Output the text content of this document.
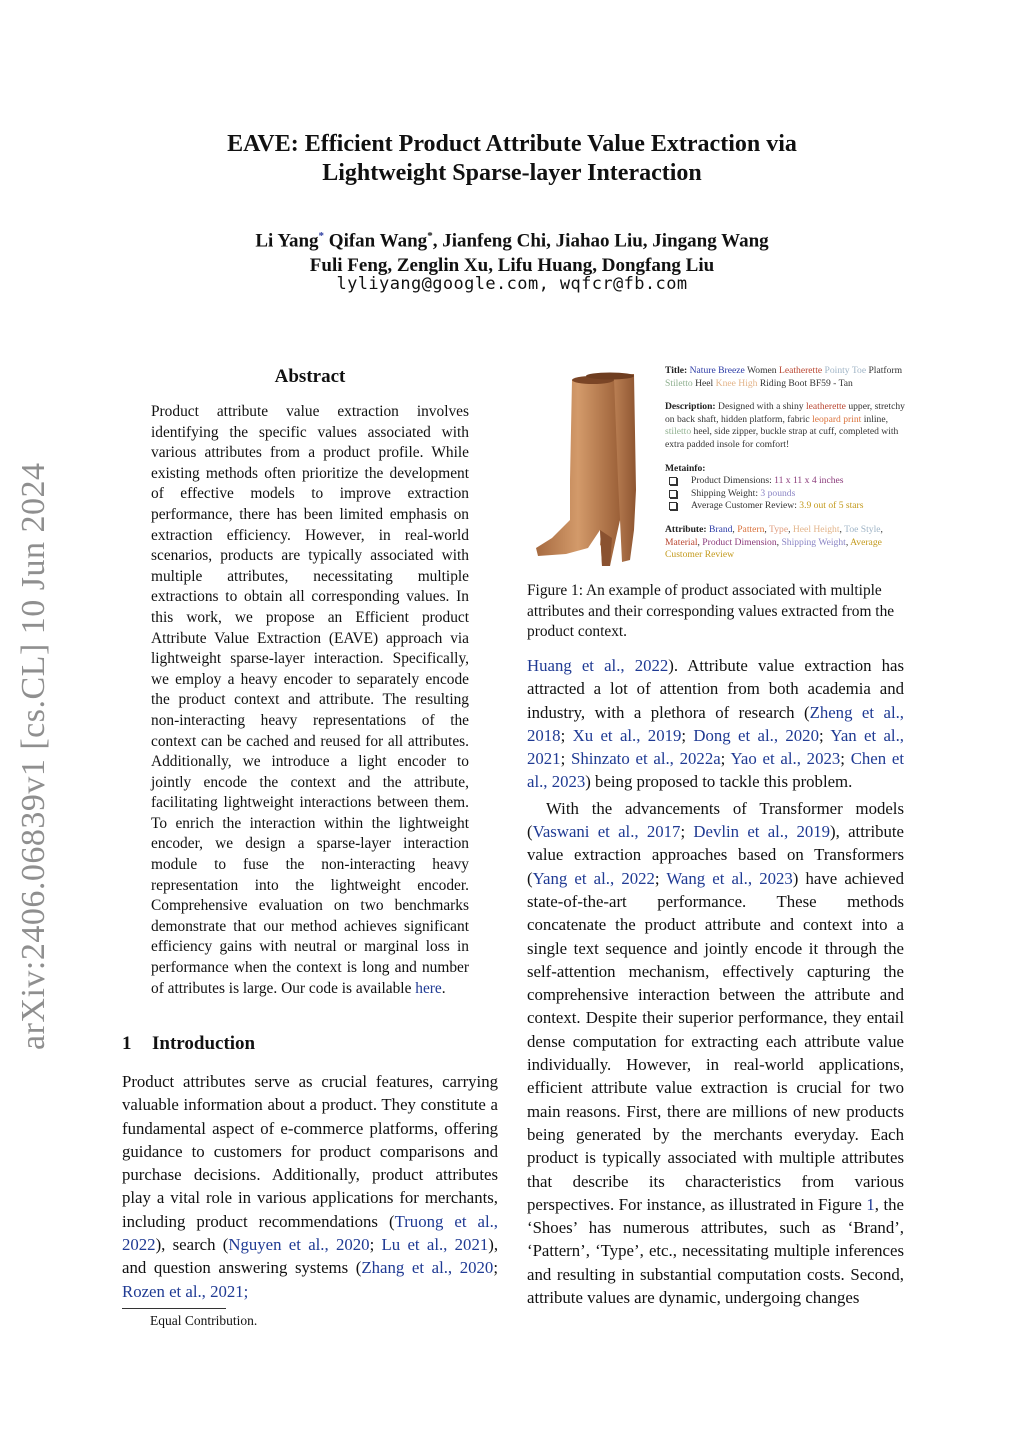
EAVE: Efficient Product Attribute Value Extraction via
Lightweight Sparse-layer Interaction
Li Yang* Qifan Wang*, Jianfeng Chi, Jiahao Liu, Jingang Wang
Fuli Feng, Zenglin Xu, Lifu Huang, Dongfang Liu
lyliyang@google.com, wqfcr@fb.com
arXiv:2406.06839v1 [cs.CL] 10 Jun 2024
Abstract
Product attribute value extraction involves identifying the specific values associated with various attributes from a product profile. While existing methods often prioritize the development of effective models to improve extraction performance, there has been limited emphasis on extraction efficiency. However, in real-world scenarios, products are typically associated with multiple attributes, necessitating multiple extractions to obtain all corresponding values. In this work, we propose an Efficient product Attribute Value Extraction (EAVE) approach via lightweight sparse-layer interaction. Specifically, we employ a heavy encoder to separately encode the product context and attribute. The resulting non-interacting heavy representations of the context can be cached and reused for all attributes. Additionally, we introduce a light encoder to jointly encode the context and the attribute, facilitating lightweight interactions between them. To enrich the interaction within the lightweight encoder, we design a sparse-layer interaction module to fuse the non-interacting heavy representation into the lightweight encoder. Comprehensive evaluation on two benchmarks demonstrate that our method achieves significant efficiency gains with neutral or marginal loss in performance when the context is long and number of attributes is large. Our code is available here.
1 Introduction
Product attributes serve as crucial features, carrying valuable information about a product. They constitute a fundamental aspect of e-commerce platforms, offering guidance to customers for product comparisons and purchase decisions. Additionally, product attributes play a vital role in various applications for merchants, including product recommendations (Truong et al., 2022), search (Nguyen et al., 2020; Lu et al., 2021), and question answering systems (Zhang et al., 2020; Rozen et al., 2021;
Equal Contribution.
Title: Nature Breeze Women Leatherette Pointy Toe Platform Stiletto Heel Knee High Riding Boot BF59 - Tan
Description: Designed with a shiny leatherette upper, stretchy on back shaft, hidden platform, fabric leopard print inline, stiletto heel, side zipper, buckle strap at cuff, completed with extra padded insole for comfort!
Metainfo:
Product Dimensions: 11 x 11 x 4 inches
Shipping Weight: 3 pounds
Average Customer Review: 3.9 out of 5 stars
Attribute: Brand, Pattern, Type, Heel Height, Toe Style, Material, Product Dimension, Shipping Weight, Average Customer Review
Figure 1: An example of product associated with multiple attributes and their corresponding values extracted from the product context.

Huang et al., 2022). Attribute value extraction has attracted a lot of attention from both academia and industry, with a plethora of research (Zheng et al., 2018; Xu et al., 2019; Dong et al., 2020; Yan et al., 2021; Shinzato et al., 2022a; Yao et al., 2023; Chen et al., 2023) being proposed to tackle this problem.

With the advancements of Transformer models (Vaswani et al., 2017; Devlin et al., 2019), attribute value extraction approaches based on Transformers (Yang et al., 2022; Wang et al., 2023) have achieved state-of-the-art performance. These methods concatenate the product attribute and context into a single text sequence and jointly encode it through the self-attention mechanism, effectively capturing the comprehensive interaction between the attribute and context. Despite their superior performance, they entail dense computation for extracting each attribute value individually. However, in real-world applications, efficient attribute value extraction is crucial for two main reasons. First, there are millions of new products being generated by the merchants everyday. Each product is typically associated with multiple attributes that describe its characteristics from various perspectives. For instance, as illustrated in Figure 1, the ‘Shoes’ has numerous attributes, such as ‘Brand’, ‘Pattern’, ‘Type’, etc., necessitating multiple inferences and resulting in substantial computation costs. Second, attribute values are dynamic, undergoing changes
